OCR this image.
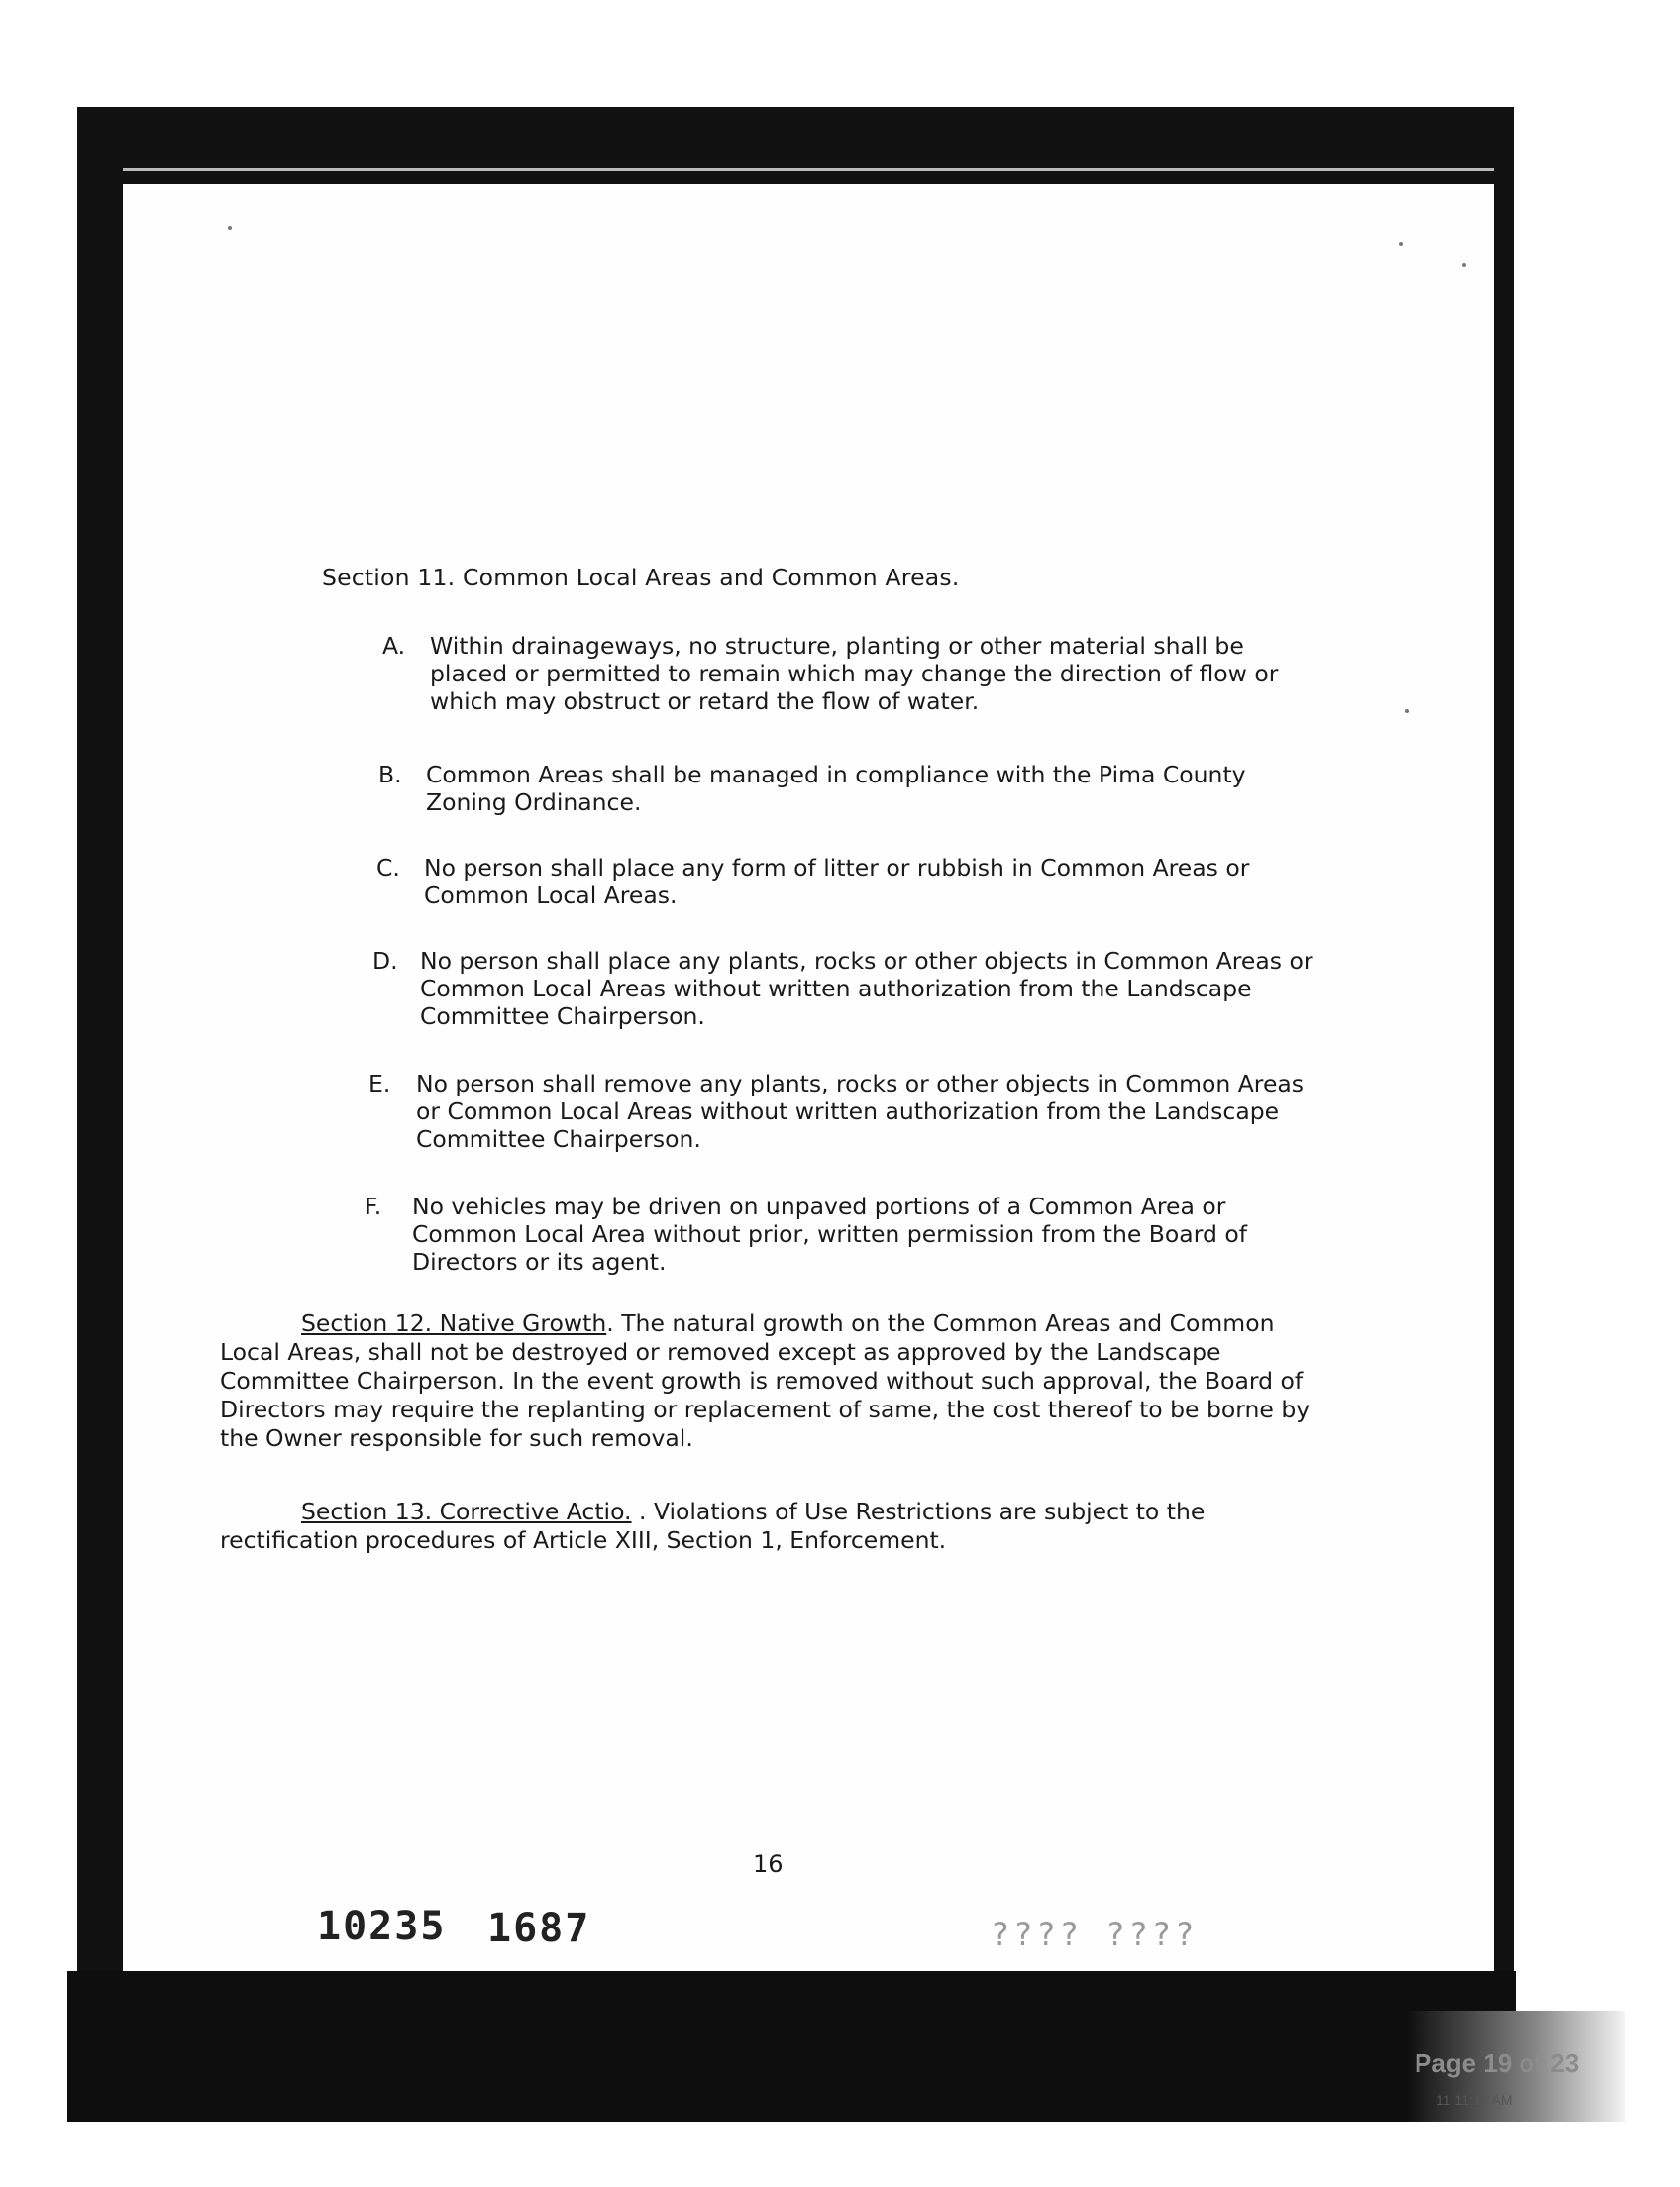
Section 11. Common Local Areas and Common Areas.
A. Within drainageways, no structure, planting or other material shall be placed or permitted to remain which may change the direction of flow or which may obstruct or retard the flow of water.
B. Common Areas shall be managed in compliance with the Pima County Zoning Ordinance.
C. No person shall place any form of litter or rubbish in Common Areas or Common Local Areas.
D. No person shall place any plants, rocks or other objects in Common Areas or Common Local Areas without written authorization from the Landscape Committee Chairperson.
E. No person shall remove any plants, rocks or other objects in Common Areas or Common Local Areas without written authorization from the Landscape Committee Chairperson.
F. No vehicles may be driven on unpaved portions of a Common Area or Common Local Area without prior, written permission from the Board of Directors or its agent.
Section 12. Native Growth. The natural growth on the Common Areas and Common Local Areas, shall not be destroyed or removed except as approved by the Landscape Committee Chairperson. In the event growth is removed without such approval, the Board of Directors may require the replanting or replacement of same, the cost thereof to be borne by the Owner responsible for such removal.
Section 13. Corrective Actio. . Violations of Use Restrictions are subject to the rectification procedures of Article XIII, Section 1, Enforcement.
16
10235 1687	???? ????
Page 19 of 23
11 11:16 AM
